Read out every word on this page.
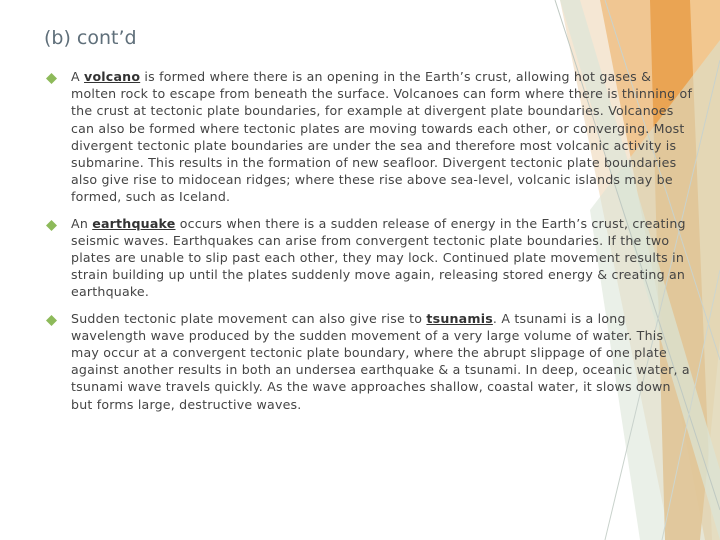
(b) cont’d

A volcano is formed where there is an opening in the Earth’s crust, allowing hot gases & molten rock to escape from beneath the surface. Volcanoes can form where there is thinning of the crust at tectonic plate boundaries, for example at divergent plate boundaries. Volcanoes can also be formed where tectonic plates are moving towards each other, or converging. Most divergent tectonic plate boundaries are under the sea and therefore most volcanic activity is submarine. This results in the formation of new seafloor. Divergent tectonic plate boundaries also give rise to midocean ridges; where these rise above sea-level, volcanic islands may be formed, such as Iceland.

An earthquake occurs when there is a sudden release of energy in the Earth’s crust, creating seismic waves. Earthquakes can arise from convergent tectonic plate boundaries. If the two plates are unable to slip past each other, they may lock. Continued plate movement results in strain building up until the plates suddenly move again, releasing stored energy & creating an earthquake.

Sudden tectonic plate movement can also give rise to tsunamis. A tsunami is a long wavelength wave produced by the sudden movement of a very large volume of water. This may occur at a convergent tectonic plate boundary, where the abrupt slippage of one plate against another results in both an undersea earthquake & a tsunami. In deep, oceanic water, a tsunami wave travels quickly. As the wave approaches shallow, coastal water, it slows down but forms large, destructive waves.
